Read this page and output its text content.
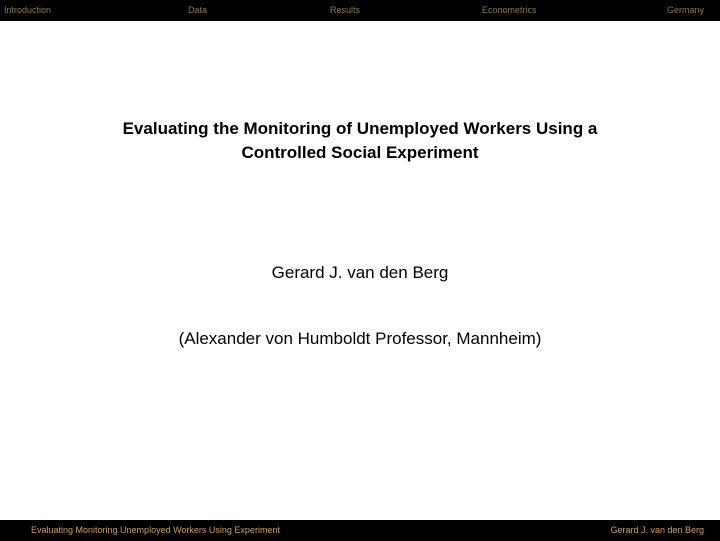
Introduction	Data	Results	Econometrics	Germany
Evaluating the Monitoring of Unemployed Workers Using a
Controlled Social Experiment
Gerard J. van den Berg
(Alexander von Humboldt Professor, Mannheim)
Evaluating Monitoring Unemployed Workers Using Experiment	Gerard J. van den Berg
